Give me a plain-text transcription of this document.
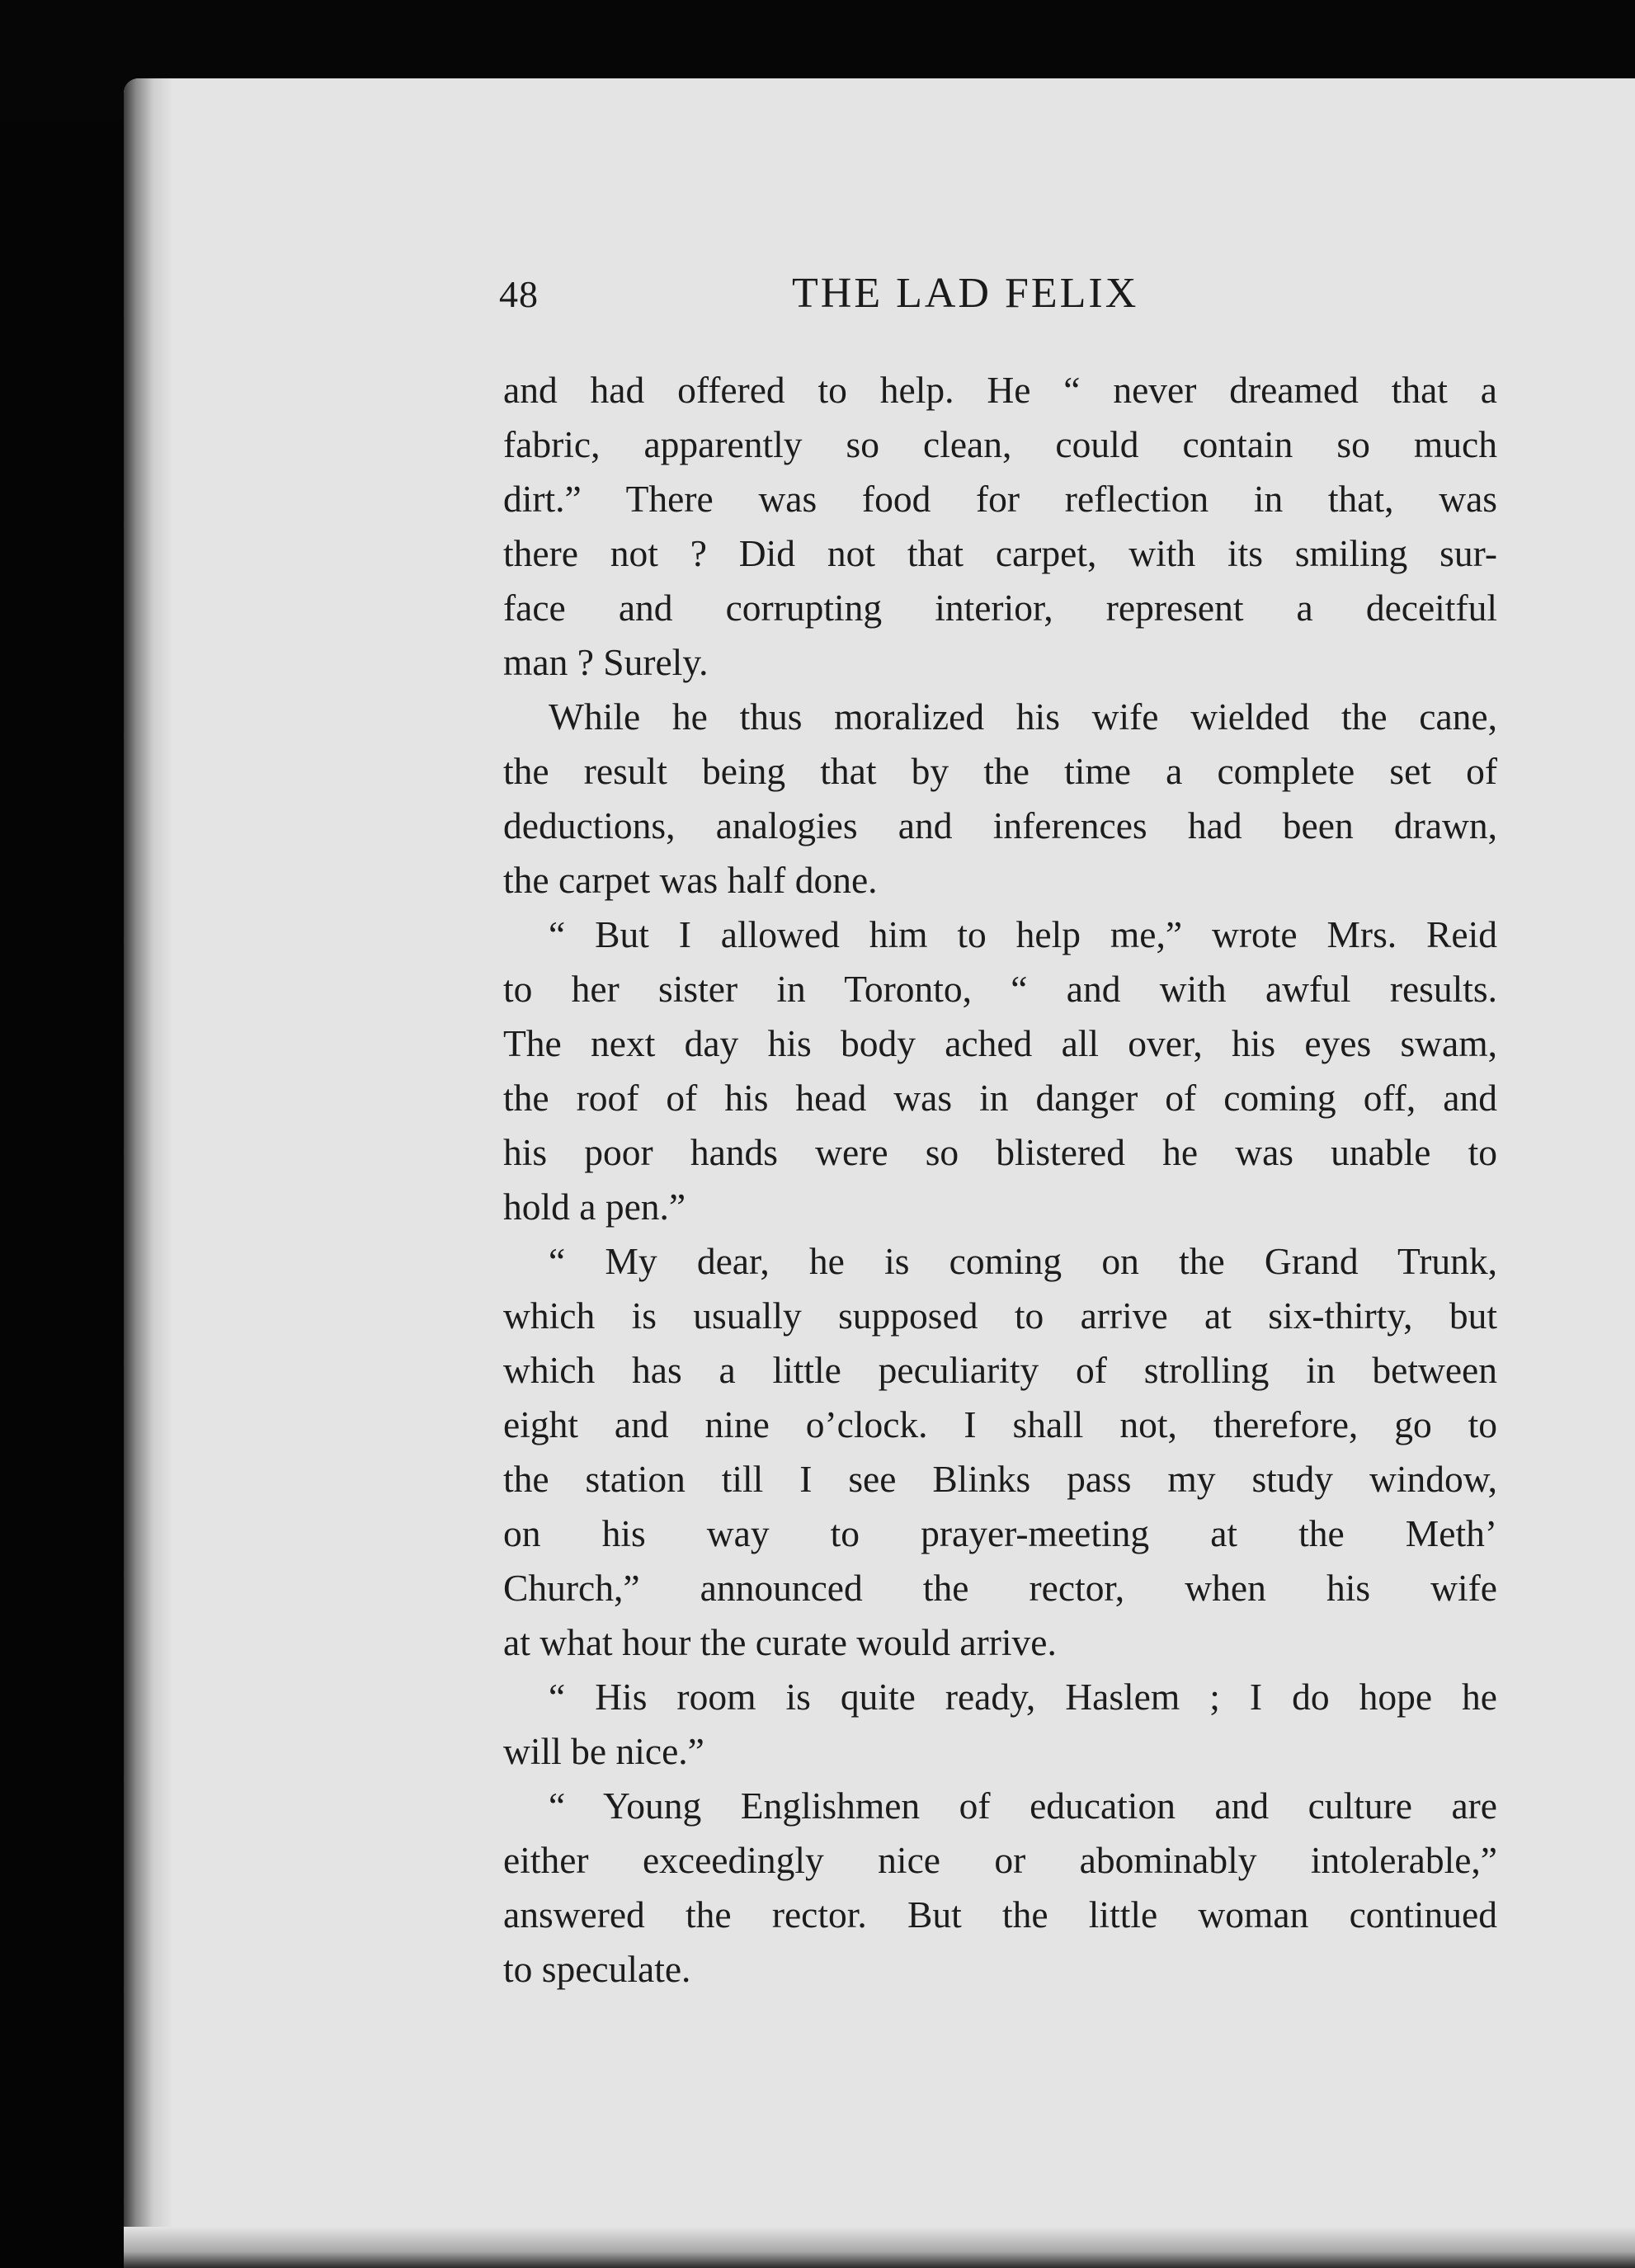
48	THE LAD FELIX
and had offered to help. He “ never dreamed that a
fabric, apparently so clean, could contain so much
dirt.” There was food for reflection in that, was
there not ? Did not that carpet, with its smiling sur-
face and corrupting interior, represent a deceitful
man ? Surely.
While he thus moralized his wife wielded the cane,
the result being that by the time a complete set of
deductions, analogies and inferences had been drawn,
the carpet was half done.
“ But I allowed him to help me,” wrote Mrs. Reid
to her sister in Toronto, “ and with awful results.
The next day his body ached all over, his eyes swam,
the roof of his head was in danger of coming off, and
his poor hands were so blistered he was unable to
hold a pen.”
“ My dear, he is coming on the Grand Trunk,
which is usually supposed to arrive at six-thirty, but
which has a little peculiarity of strolling in between
eight and nine o’clock. I shall not, therefore, go to
the station till I see Blinks pass my study window,
on his way to prayer-meeting at the Meth’
Church,” announced the rector, when his wife
at what hour the curate would arrive.
“ His room is quite ready, Haslem ; I do hope he
will be nice.”
“ Young Englishmen of education and culture are
either exceedingly nice or abominably intolerable,”
answered the rector. But the little woman continued
to speculate.
